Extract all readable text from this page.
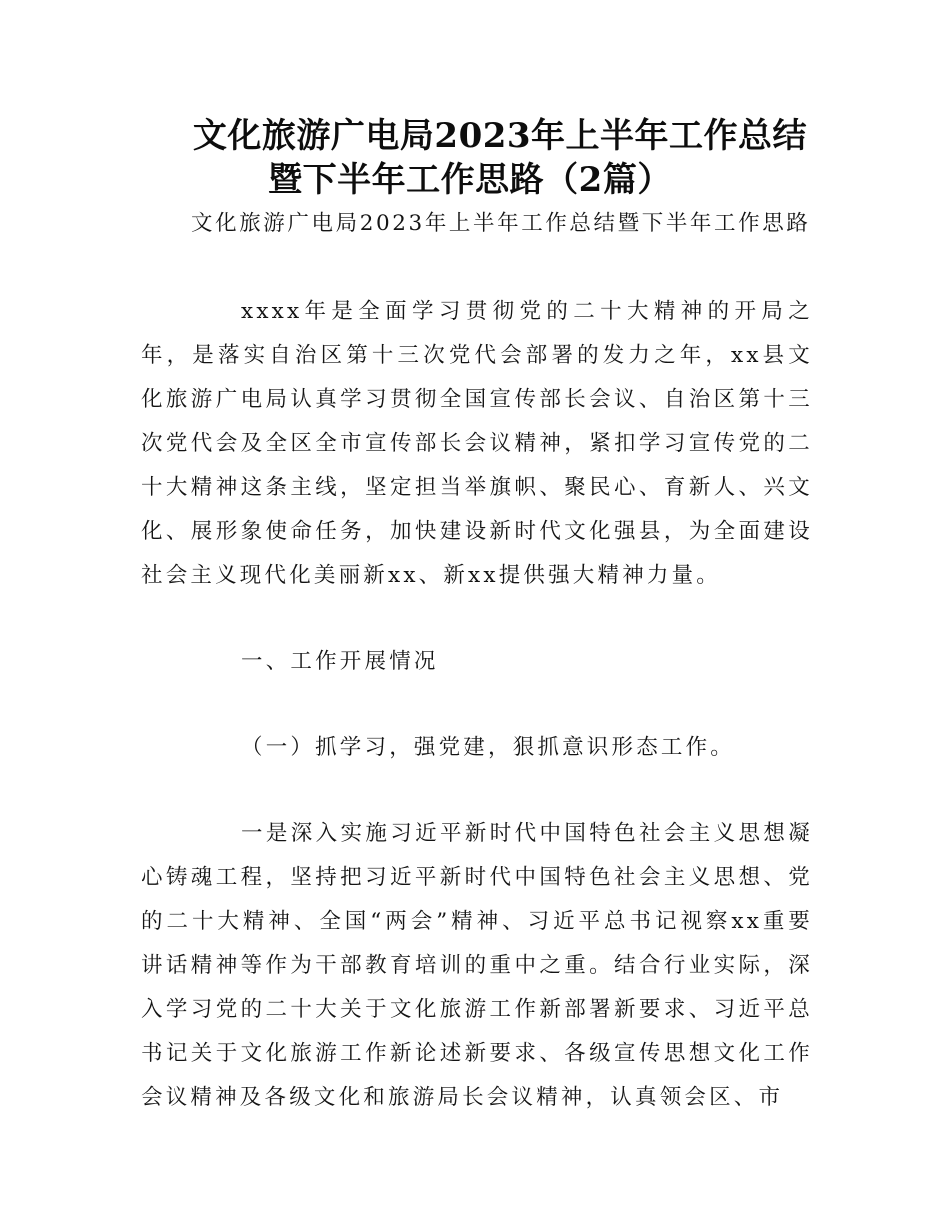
文化旅游广电局2023年上半年工作总结
暨下半年工作思路（2篇）

文化旅游广电局2023年上半年工作总结暨下半年工作思路

xxxx年是全面学习贯彻党的二十大精神的开局之年，是落实自治区第十三次党代会部署的发力之年，xx县文化旅游广电局认真学习贯彻全国宣传部长会议、自治区第十三次党代会及全区全市宣传部长会议精神，紧扣学习宣传党的二十大精神这条主线，坚定担当举旗帜、聚民心、育新人、兴文化、展形象使命任务，加快建设新时代文化强县，为全面建设社会主义现代化美丽新xx、新xx提供强大精神力量。

一、工作开展情况
（一）抓学习，强党建，狠抓意识形态工作。

一是深入实施习近平新时代中国特色社会主义思想凝心铸魂工程，坚持把习近平新时代中国特色社会主义思想、党的二十大精神、全国“两会”精神、习近平总书记视察xx重要讲话精神等作为干部教育培训的重中之重。结合行业实际，深入学习党的二十大关于文化旅游工作新部署新要求、习近平总书记关于文化旅游工作新论述新要求、各级宣传思想文化工作会议精神及各级文化和旅游局长会议精神，认真领会区、市
